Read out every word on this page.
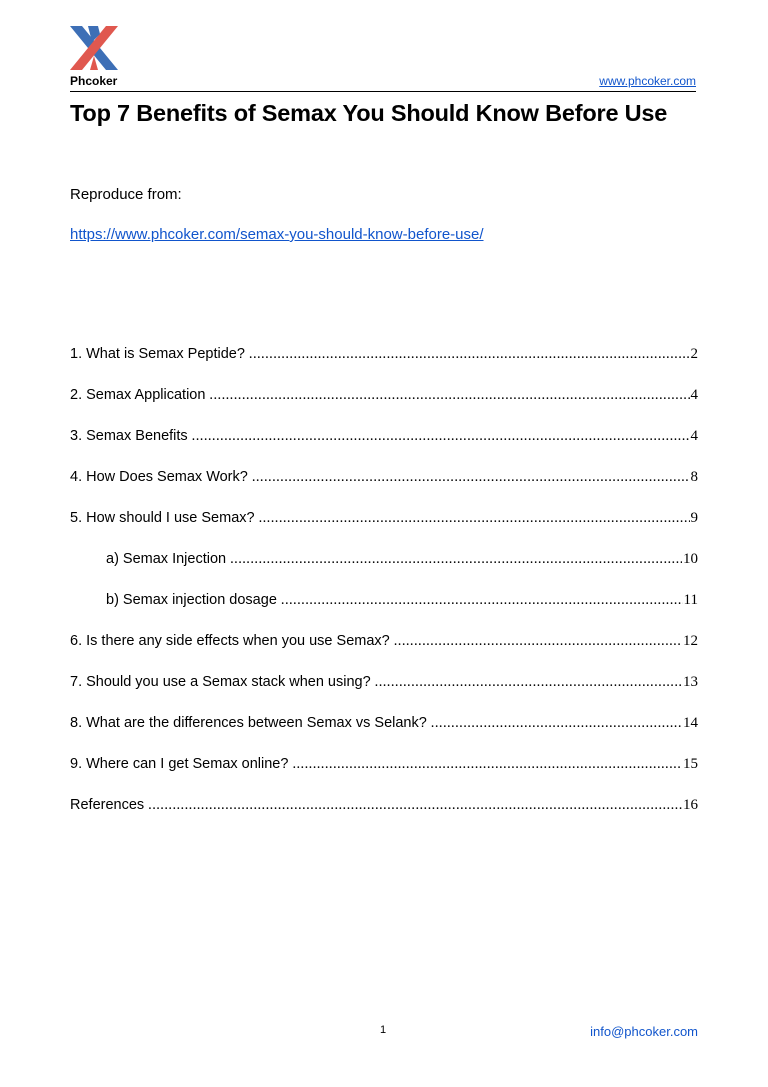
Phcoker	www.phcoker.com
Top 7 Benefits of Semax You Should Know Before Use
Reproduce from:
https://www.phcoker.com/semax-you-should-know-before-use/
1. What is Semax Peptide? . . .	2
2. Semax Application . . .	4
3. Semax Benefits . . .	4
4. How Does Semax Work? . . .	8
5. How should I use Semax? . . .	9
a) Semax Injection . . .	10
b) Semax injection dosage . . .	11
6. Is there any side effects when you use Semax? . . .	12
7. Should you use a Semax stack when using? . . .	13
8. What are the differences between Semax vs Selank? . . .	14
9. Where can I get Semax online? . . .	15
References . . .	16
1	info@phcoker.com
